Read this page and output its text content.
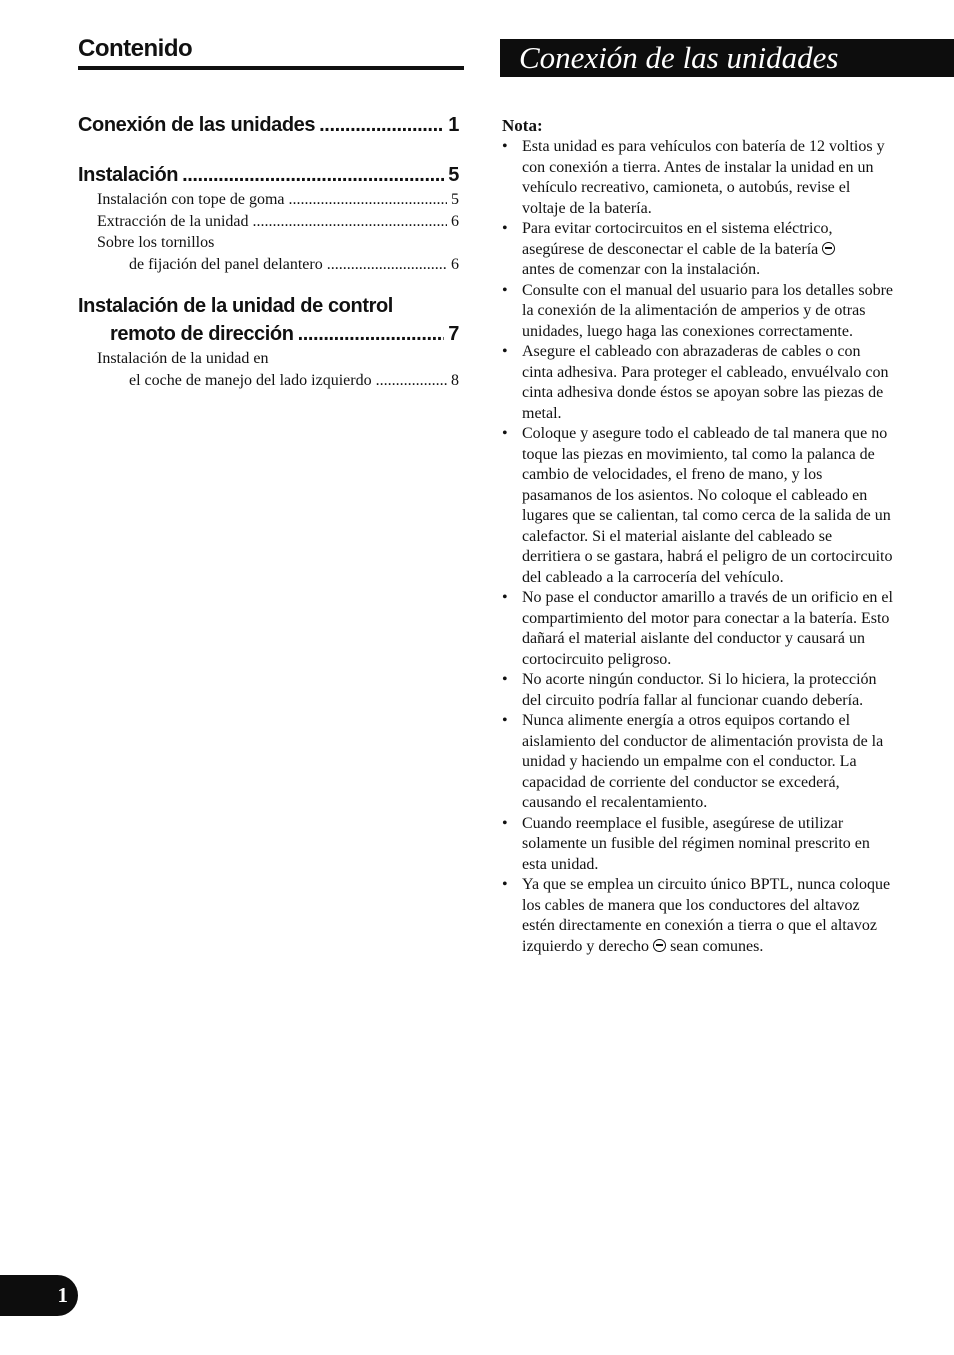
Contenido
Conexión de las unidades .....	1
Instalación .....	5
Instalación con tope de goma .....	5
Extracción de la unidad .....	6
Sobre los tornillos
de fijación del panel delantero .....	6
Instalación de la unidad de control
remoto de dirección .....	7
Instalación de la unidad en
el coche de manejo del lado izquierdo .....	8
Conexión de las unidades
Nota:
• Esta unidad es para vehículos con batería de 12 voltios y con conexión a tierra. Antes de instalar la unidad en un vehículo recreativo, camioneta, o autobús, revise el voltaje de la batería.
• Para evitar cortocircuitos en el sistema eléctrico, asegúrese de desconectar el cable de la batería
antes de comenzar con la instalación.
• Consulte con el manual del usuario para los detalles sobre la conexión de la alimentación de amperios y de otras unidades, luego haga las conexiones correctamente.
• Asegure el cableado con abrazaderas de cables o con cinta adhesiva. Para proteger el cableado, envuélvalo con cinta adhesiva donde éstos se apoyan sobre las piezas de metal.
• Coloque y asegure todo el cableado de tal manera que no toque las piezas en movimiento, tal como la palanca de cambio de velocidades, el freno de mano, y los pasamanos de los asientos. No coloque el cableado en lugares que se calientan, tal como cerca de la salida de un calefactor. Si el material aislante del cableado se derritiera o se gastara, habrá el peligro de un cortocircuito del cableado a la carrocería del vehículo.
• No pase el conductor amarillo a través de un orificio en el compartimiento del motor para conectar a la batería. Esto dañará el material aislante del conductor y causará un cortocircuito peligroso.
• No acorte ningún conductor. Si lo hiciera, la protección del circuito podría fallar al funcionar cuando debería.
• Nunca alimente energía a otros equipos cortando el aislamiento del conductor de alimentación provista de la unidad y haciendo un empalme con el conductor. La capacidad de corriente del conductor se excederá, causando el recalentamiento.
• Cuando reemplace el fusible, asegúrese de utilizar solamente un fusible del régimen nominal prescrito en esta unidad.
• Ya que se emplea un circuito único BPTL, nunca coloque los cables de manera que los conductores del altavoz estén directamente en conexión a tierra o que el altavoz izquierdo y derecho sean comunes.
1
